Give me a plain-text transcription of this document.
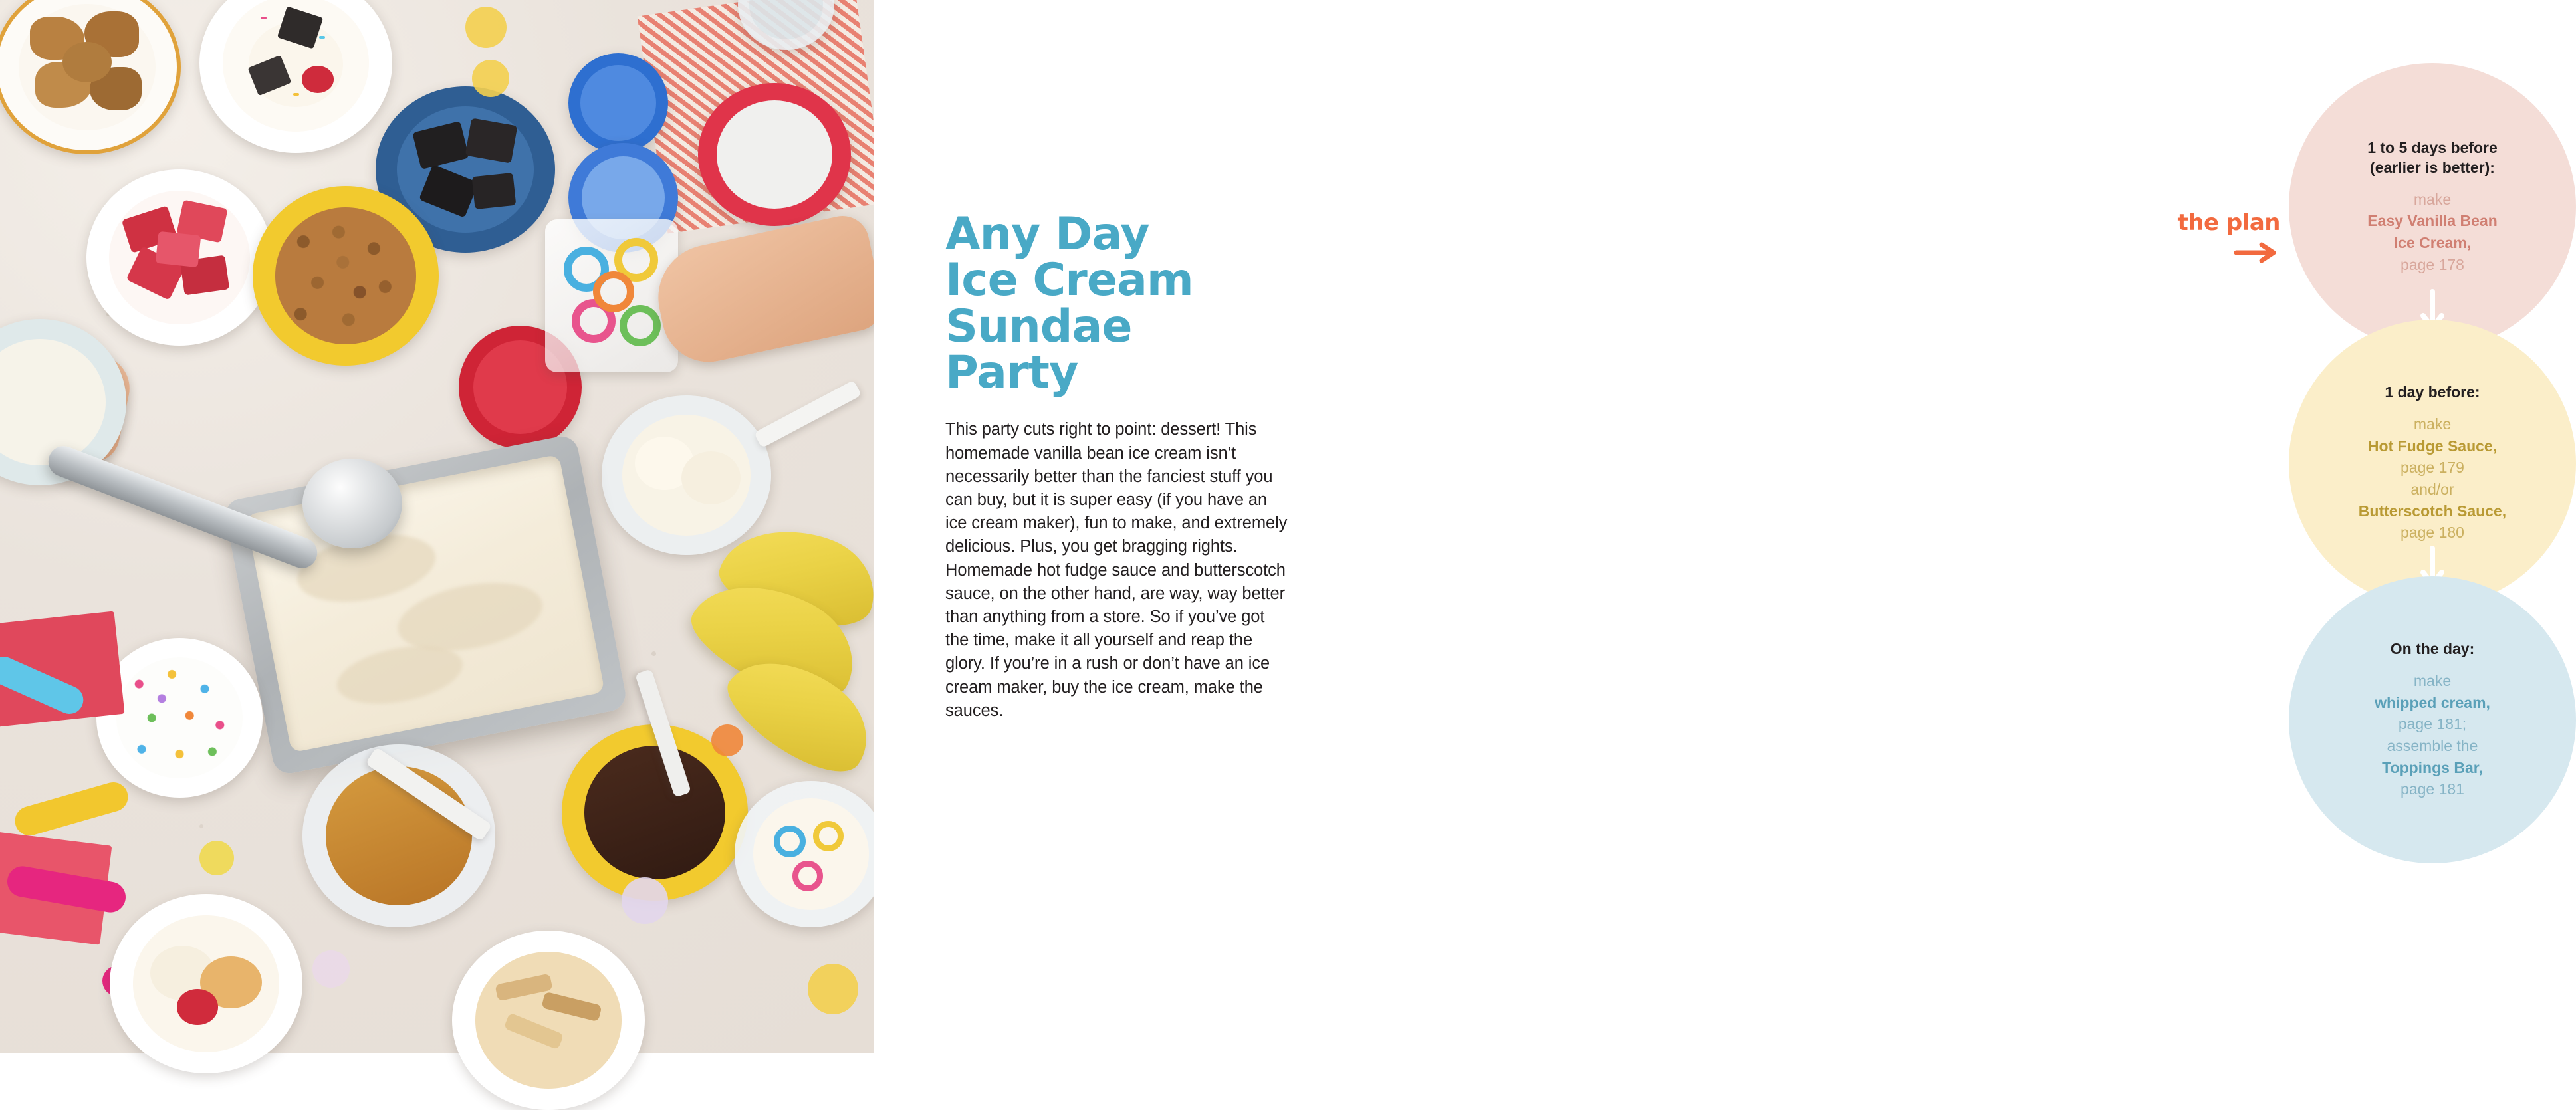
Any Day
Ice Cream
Sundae
Party

This party cuts right to point: dessert! This homemade vanilla bean ice cream isn’t necessarily better than the fanciest stuff you can buy, but it is super easy (if you have an ice cream maker), fun to make, and extremely delicious. Plus, you get bragging rights. Homemade hot fudge sauce and butterscotch sauce, on the other hand, are way, way better than anything from a store. So if you’ve got the time, make it all yourself and reap the glory. If you’re in a rush or don’t have an ice cream maker, buy the ice cream, make the sauces.

the plan
1 to 5 days before
(earlier is better):
make
Easy Vanilla Bean
Ice Cream,
page 178
1 day before:
make
Hot Fudge Sauce,
page 179
and/or
Butterscotch Sauce,
page 180
On the day:
make
whipped cream,
page 181;
assemble the
Toppings Bar,
page 181
